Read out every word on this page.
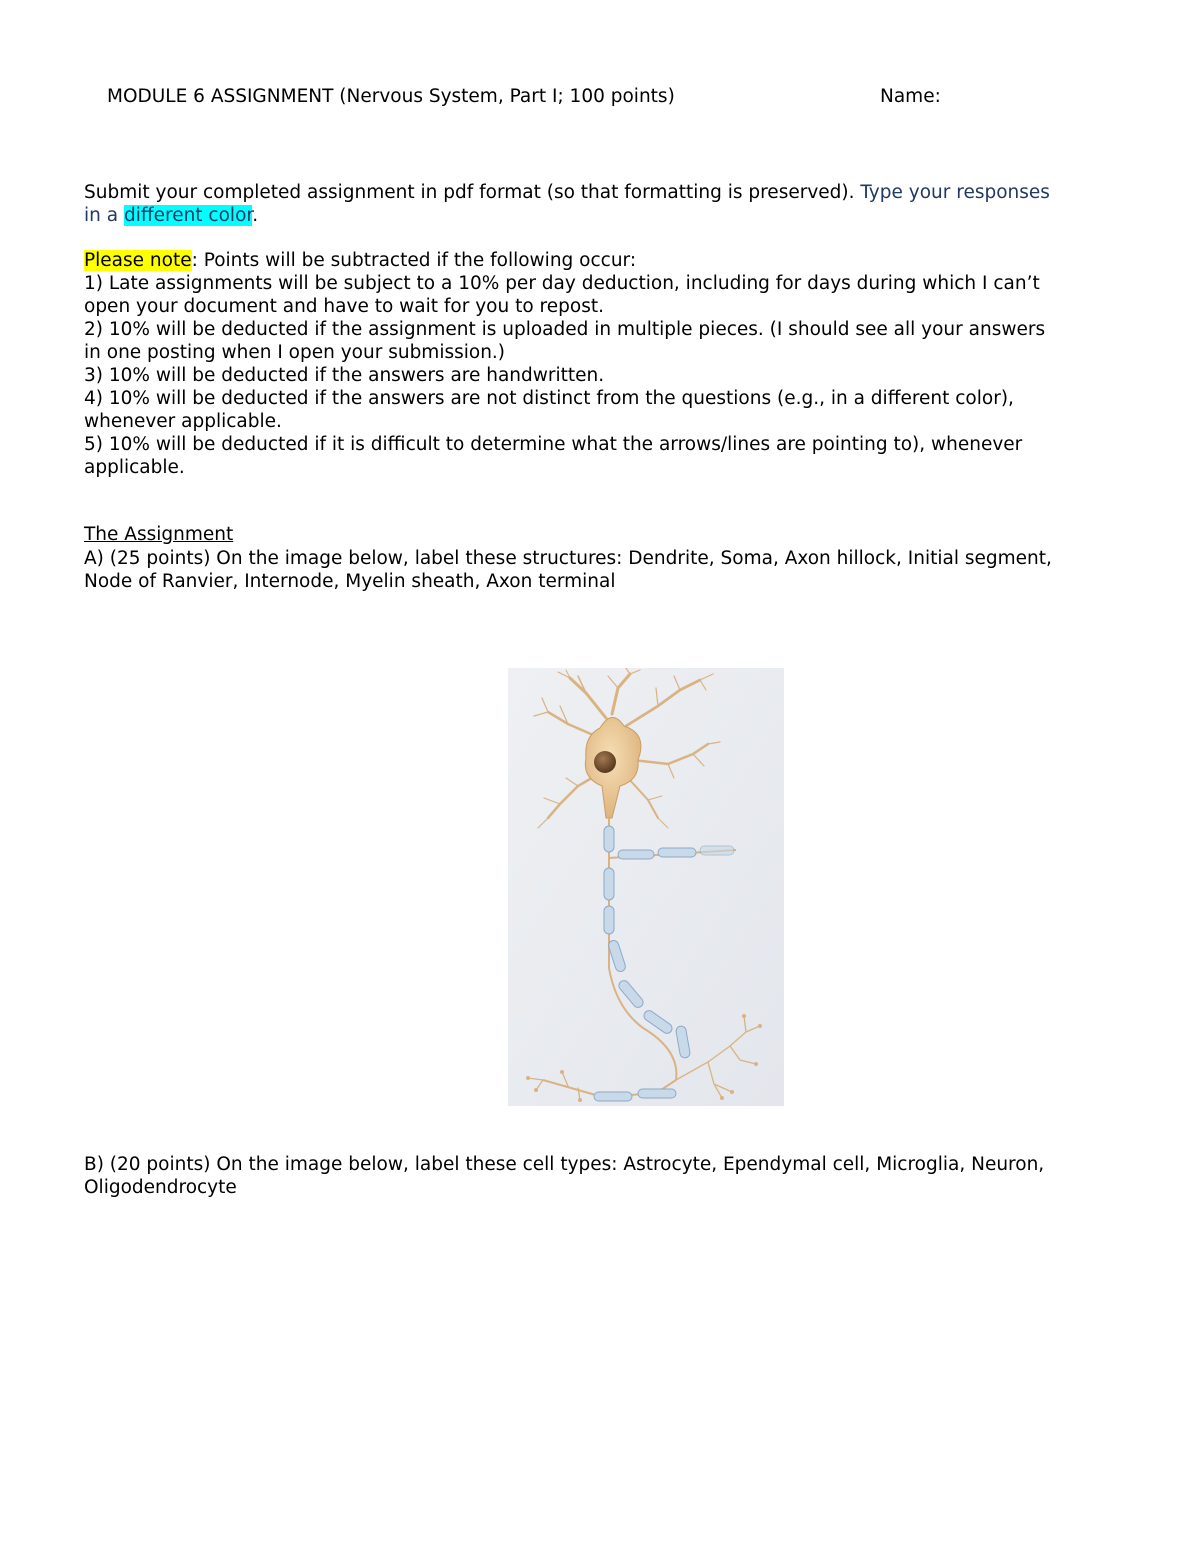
MODULE 6 ASSIGNMENT (Nervous System, Part I; 100 points)	Name:
Submit your completed assignment in pdf format (so that formatting is preserved). Type your responses
in a different color.
Please note: Points will be subtracted if the following occur:
1) Late assignments will be subject to a 10% per day deduction, including for days during which I can’t
open your document and have to wait for you to repost.
2) 10% will be deducted if the assignment is uploaded in multiple pieces. (I should see all your answers
in one posting when I open your submission.)
3) 10% will be deducted if the answers are handwritten.
4) 10% will be deducted if the answers are not distinct from the questions (e.g., in a different color),
whenever applicable.
5) 10% will be deducted if it is difficult to determine what the arrows/lines are pointing to), whenever
applicable.
The Assignment
A) (25 points) On the image below, label these structures: Dendrite, Soma, Axon hillock, Initial segment,
Node of Ranvier, Internode, Myelin sheath, Axon terminal
B) (20 points) On the image below, label these cell types: Astrocyte, Ependymal cell, Microglia, Neuron,
Oligodendrocyte
